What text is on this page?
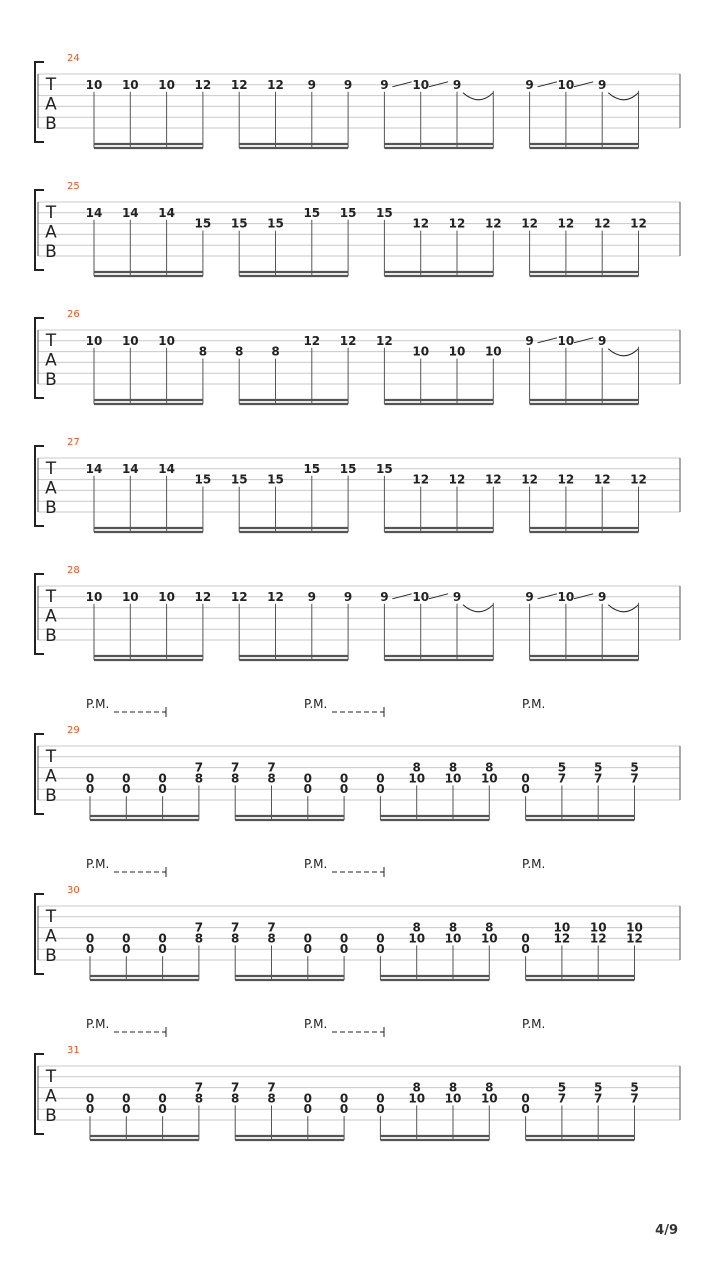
24
T
A
B
10 10 10 12 12 12 9 9 9 10 9	9 10 9
25
T
A
B
14 14 14
15 15 15
15 15 15
12 12 12 12 12 12 12
26
T
A
B
10 10 10
8 8 8
12 12 12
10 10 10
9 10 9
27
T
A
B
14 14 14
15 15 15
15 15 15
12 12 12 12 12 12 12
28
T
A
B
10 10 10 12 12 12 9 9 9 10 9	9 10 9
29
T
A
B
P.M.	P.M.	P.M.
0
0
0
0
0
0
7
8
7
8
7
8 0
0
0
0
0
0
8
10
8
10
8
10 0
0
5
7
5
7
5
7
30
T
A
B
P.M.	P.M.	P.M.
0
0
0
0
0
0
7
8
7
8
7
8 0
0
0
0
0
0
8
10
8
10
8
10 0
0
10
12
10
12
10
12
31
T
A
B
P.M.	P.M.	P.M.
0
0
0
0
0
0
7
8
7
8
7
8 0
0
0
0
0
0
8
10
8
10
8
10 0
0
5
7
5
7
5
7
4/9
